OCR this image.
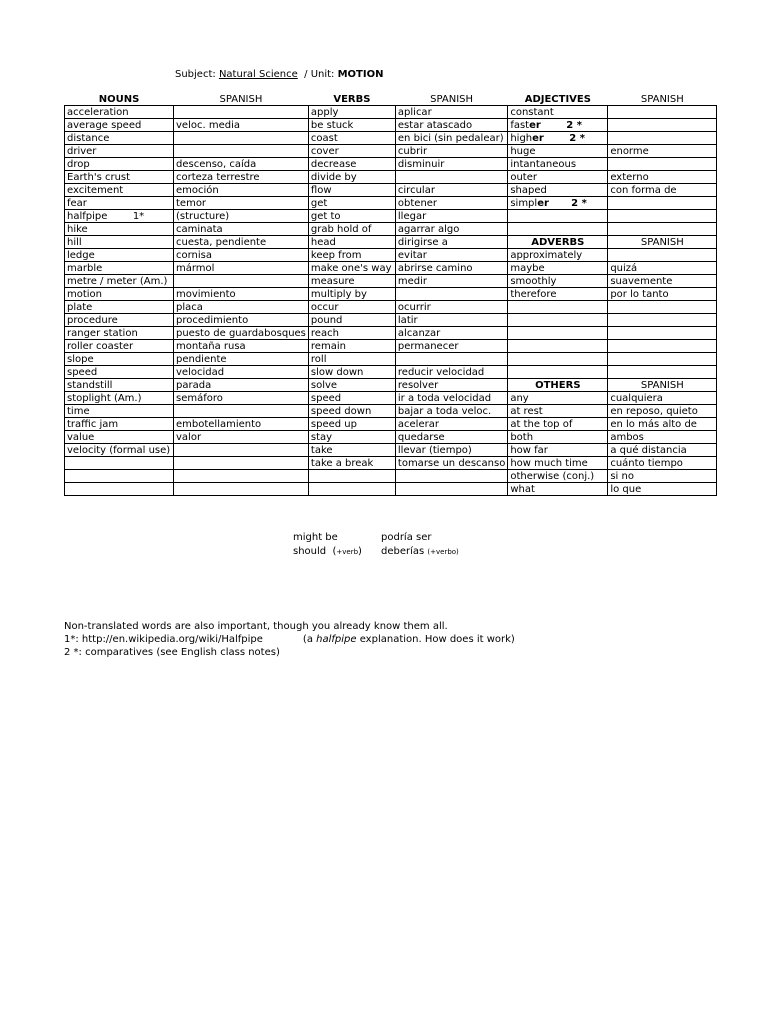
Subject: Natural Science / Unit: MOTION
NOUNS	SPANISH	VERBS	SPANISH	ADJECTIVES	SPANISH
acceleration		apply	aplicar	constant	
average speed	veloc. media	be stuck	estar atascado	faster 2 *	
distance		coast	en bici (sin pedalear)	higher 2 *	
driver		cover	cubrir	huge	enorme
drop	descenso, caída	decrease	disminuir	intantaneous	
Earth's crust	corteza terrestre	divide by		outer	externo
excitement	emoción	flow	circular	shaped	con forma de
fear	temor	get	obtener	simpler 2 *	
halfpipe        1*	(structure)	get to	llegar		
hike	caminata	grab hold of	agarrar algo		
hill	cuesta, pendiente	head	dirigirse a	ADVERBS	SPANISH
ledge	cornisa	keep from	evitar	approximately	
marble	mármol	make one's way	abrirse camino	maybe	quizá
metre / meter (Am.)		measure	medir	smoothly	suavemente
motion	movimiento	multiply by		therefore	por lo tanto
plate	placa	occur	ocurrir		
procedure	procedimiento	pound	latir		
ranger station	puesto de guardabosques	reach	alcanzar		
roller coaster	montaña rusa	remain	permanecer		
slope	pendiente	roll			
speed	velocidad	slow down	reducir velocidad		
standstill	parada	solve	resolver	OTHERS	SPANISH
stoplight (Am.)	semáforo	speed	ir a toda velocidad	any	cualquiera
time		speed down	bajar a toda veloc.	at rest	en reposo, quieto
traffic jam	embotellamiento	speed up	acelerar	at the top of	en lo más alto de
value	valor	stay	quedarse	both	ambos
velocity (formal use)		take	llevar (tiempo)	how far	a qué distancia
		take a break	tomarse un descanso	how much time	cuánto tiempo
				otherwise (conj.)	si no
				what	lo que
might be	podría ser
should  (+verb)	deberías (+verbo)
Non-translated words are also important, though you already know them all.
1*: http://en.wikipedia.org/wiki/Halfpipe	(a halfpipe explanation. How does it work)
2 *: comparatives (see English class notes)
